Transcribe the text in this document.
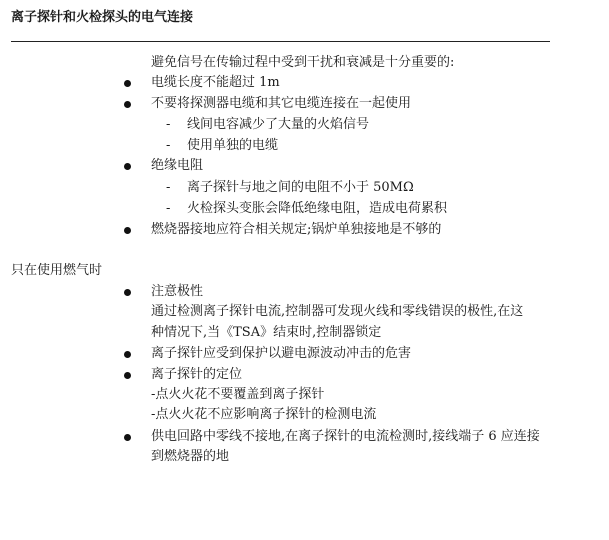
离子探针和火检探头的电气连接
避免信号在传输过程中受到干扰和衰减是十分重要的:
电缆长度不能超过 1m
不要将探测器电缆和其它电缆连接在一起使用
- 线间电容减少了大量的火焰信号
- 使用单独的电缆
绝缘电阻
- 离子探针与地之间的电阻不小于 50MΩ
- 火检探头变胀会降低绝缘电阻，造成电荷累积
燃烧器接地应符合相关规定;锅炉单独接地是不够的
只在使用燃气时
注意极性
通过检测离子探针电流,控制器可发现火线和零线错误的极性,在这
种情况下,当《TSA》结束时,控制器锁定
离子探针应受到保护以避电源波动冲击的危害
离子探针的定位
-点火火花不要覆盖到离子探针
-点火火花不应影响离子探针的检测电流
供电回路中零线不接地,在离子探针的电流检测时,接线端子 6 应连接
到燃烧器的地
